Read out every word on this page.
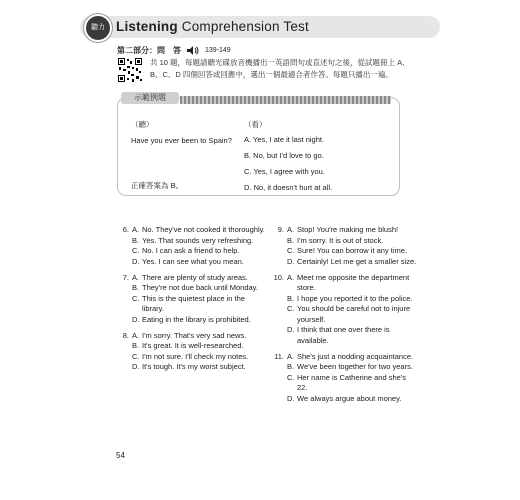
聽力 Listening Comprehension Test
第二部分：問　答	139-149
共 10 題，每題請聽光碟放音機播出一英語問句或直述句之後，從試題冊上 A、B、C、D 四個回答或回應中，選出一個最適合者作答。每題只播出一遍。
示範例題
（聽）
Have you ever been to Spain?
（看）
A. Yes, I ate it last night.
B. No, but I'd love to go.
C. Yes, I agree with you.
D. No, it doesn't hurt at all.
正確答案為 B。
6. A. No. They've not cooked it thoroughly.
B. Yes. That sounds very refreshing.
C. No. I can ask a friend to help.
D. Yes. I can see what you mean.
7. A. There are plenty of study areas.
B. They're not due back until Monday.
C. This is the quietest place in the library.
D. Eating in the library is prohibited.
8. A. I'm sorry. That's very sad news.
B. It's great. It is well-researched.
C. I'm not sure. I'll check my notes.
D. It's tough. It's my worst subject.
9. A. Stop! You're making me blush!
B. I'm sorry. It is out of stock.
C. Sure! You can borrow it any time.
D. Certainly! Let me get a smaller size.
10. A. Meet me opposite the department store.
B. I hope you reported it to the police.
C. You should be careful not to injure yourself.
D. I think that one over there is available.
11. A. She's just a nodding acquaintance.
B. We've been together for two years.
C. Her name is Catherine and she's 22.
D. We always argue about money.
54
